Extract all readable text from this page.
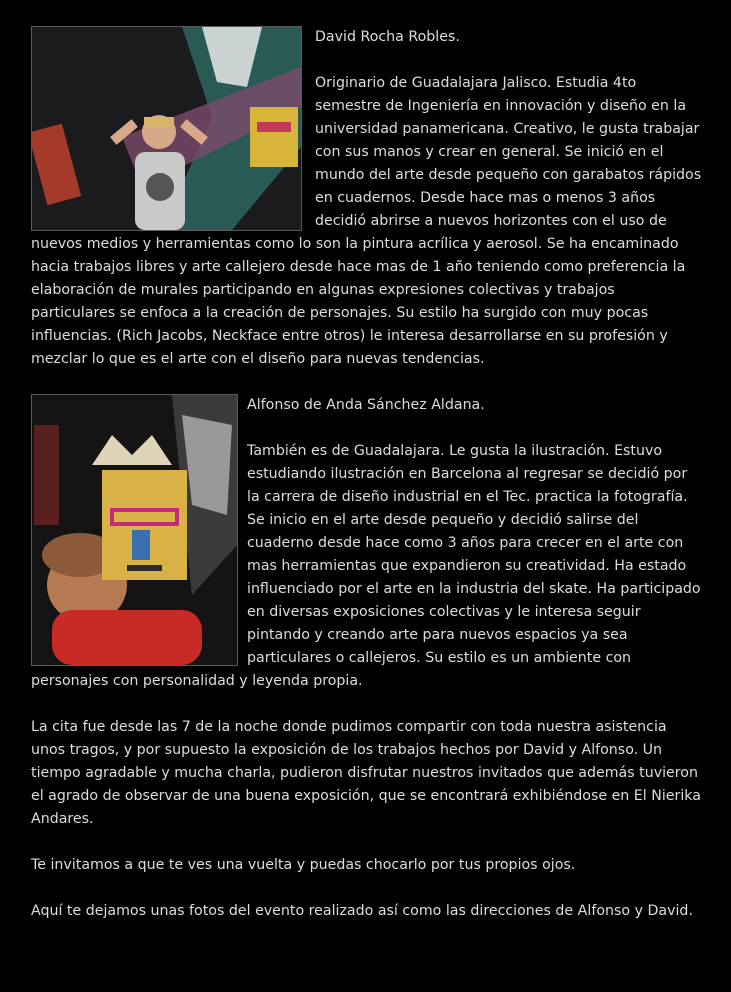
David Rocha Robles.

Originario de Guadalajara Jalisco. Estudia 4to semestre de Ingeniería en innovación y diseño en la universidad panamericana. Creativo, le gusta trabajar con sus manos y crear en general. Se inició en el mundo del arte desde pequeño con garabatos rápidos en cuadernos. Desde hace mas o menos 3 años decidió abrirse a nuevos horizontes con el uso de nuevos medios y herramientas como lo son la pintura acrílica y aerosol. Se ha encaminado hacia trabajos libres y arte callejero desde hace mas de 1 año teniendo como preferencia la elaboración de murales participando en algunas expresiones colectivas y trabajos particulares se enfoca a la creación de personajes. Su estilo ha surgido con muy pocas influencias. (Rich Jacobs, Neckface entre otros) le interesa desarrollarse en su profesión y mezclar lo que es el arte con el diseño para nuevas tendencias.

Alfonso de Anda Sánchez Aldana.

También es de Guadalajara. Le gusta la ilustración. Estuvo estudiando ilustración en Barcelona al regresar se decidió por la carrera de diseño industrial en el Tec. practica la fotografía. Se inicio en el arte desde pequeño y decidió salirse del cuaderno desde hace como 3 años para crecer en el arte con mas herramientas que expandieron su creatividad. Ha estado influenciado por el arte en la industria del skate. Ha participado en diversas exposiciones colectivas y le interesa seguir pintando y creando arte para nuevos espacios ya sea particulares o callejeros. Su estilo es un ambiente con personajes con personalidad y leyenda propia.

La cita fue desde las 7 de la noche donde pudimos compartir con toda nuestra asistencia unos tragos, y por supuesto la exposición de los trabajos hechos por David y Alfonso. Un tiempo agradable y mucha charla, pudieron disfrutar nuestros invitados que además tuvieron el agrado de observar de una buena exposición, que se encontrará exhibiéndose en El Nierika Andares.

Te invitamos a que te ves una vuelta y puedas chocarlo por tus propios ojos.

Aquí te dejamos unas fotos del evento realizado así como las direcciones de Alfonso y David.
